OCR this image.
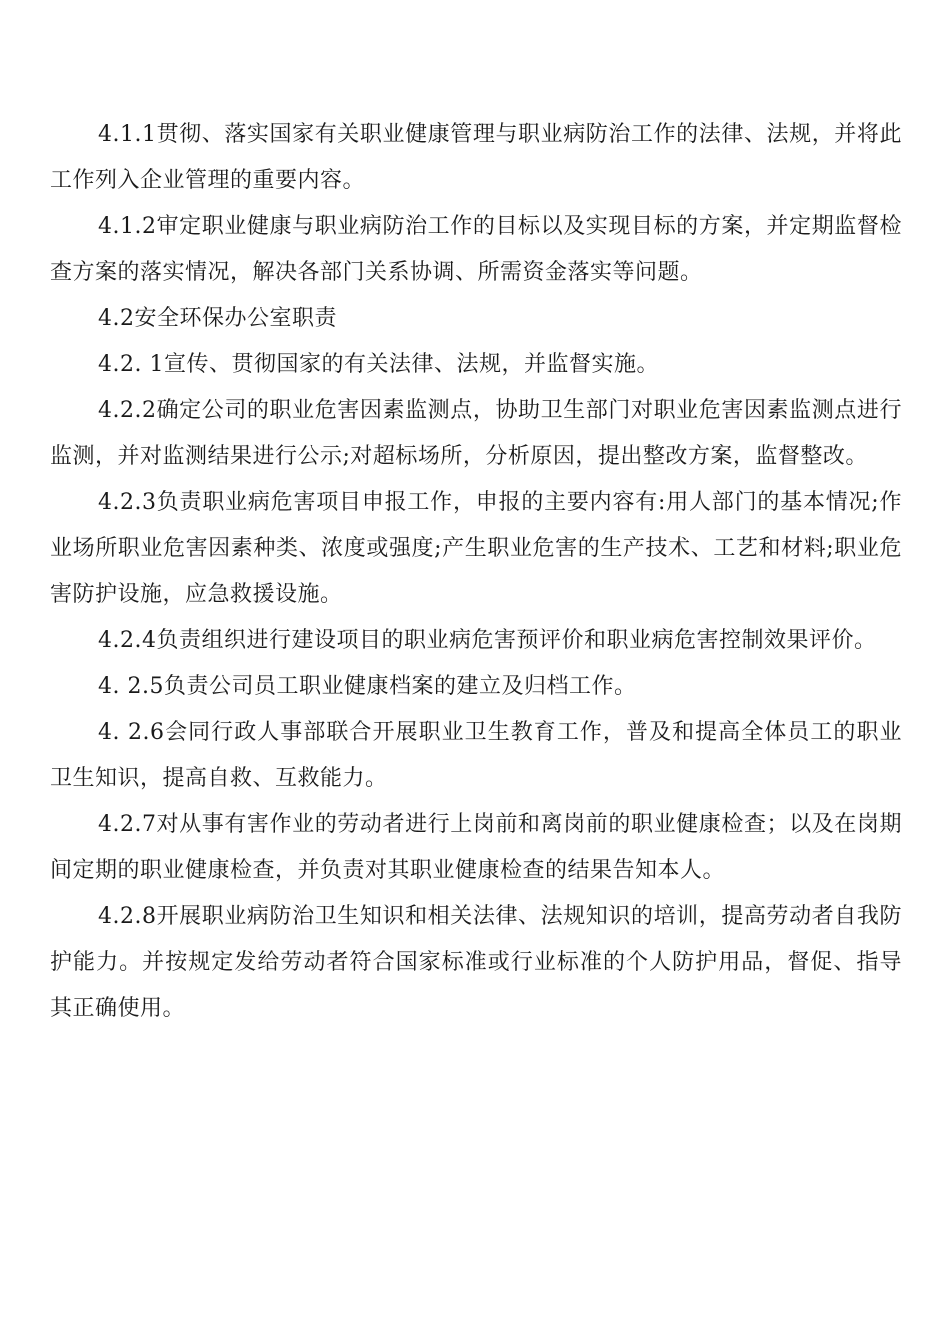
4.1.1贯彻、落实国家有关职业健康管理与职业病防治工作的法律、法规，并将此工作列入企业管理的重要内容。

4.1.2审定职业健康与职业病防治工作的目标以及实现目标的方案，并定期监督检查方案的落实情况，解决各部门关系协调、所需资金落实等问题。

4.2安全环保办公室职责

4.2. 1宣传、贯彻国家的有关法律、法规，并监督实施。

4.2.2确定公司的职业危害因素监测点，协助卫生部门对职业危害因素监测点进行监测，并对监测结果进行公示;对超标场所，分析原因，提出整改方案，监督整改。

4.2.3负责职业病危害项目申报工作，申报的主要内容有:用人部门的基本情况;作业场所职业危害因素种类、浓度或强度;产生职业危害的生产技术、工艺和材料;职业危害防护设施，应急救援设施。

4.2.4负责组织进行建设项目的职业病危害预评价和职业病危害控制效果评价。

4. 2.5负责公司员工职业健康档案的建立及归档工作。

4. 2.6会同行政人事部联合开展职业卫生教育工作，普及和提高全体员工的职业卫生知识，提高自救、互救能力。

4.2.7对从事有害作业的劳动者进行上岗前和离岗前的职业健康检查；以及在岗期间定期的职业健康检查，并负责对其职业健康检查的结果告知本人。

4.2.8开展职业病防治卫生知识和相关法律、法规知识的培训，提高劳动者自我防护能力。并按规定发给劳动者符合国家标准或行业标准的个人防护用品，督促、指导其正确使用。
